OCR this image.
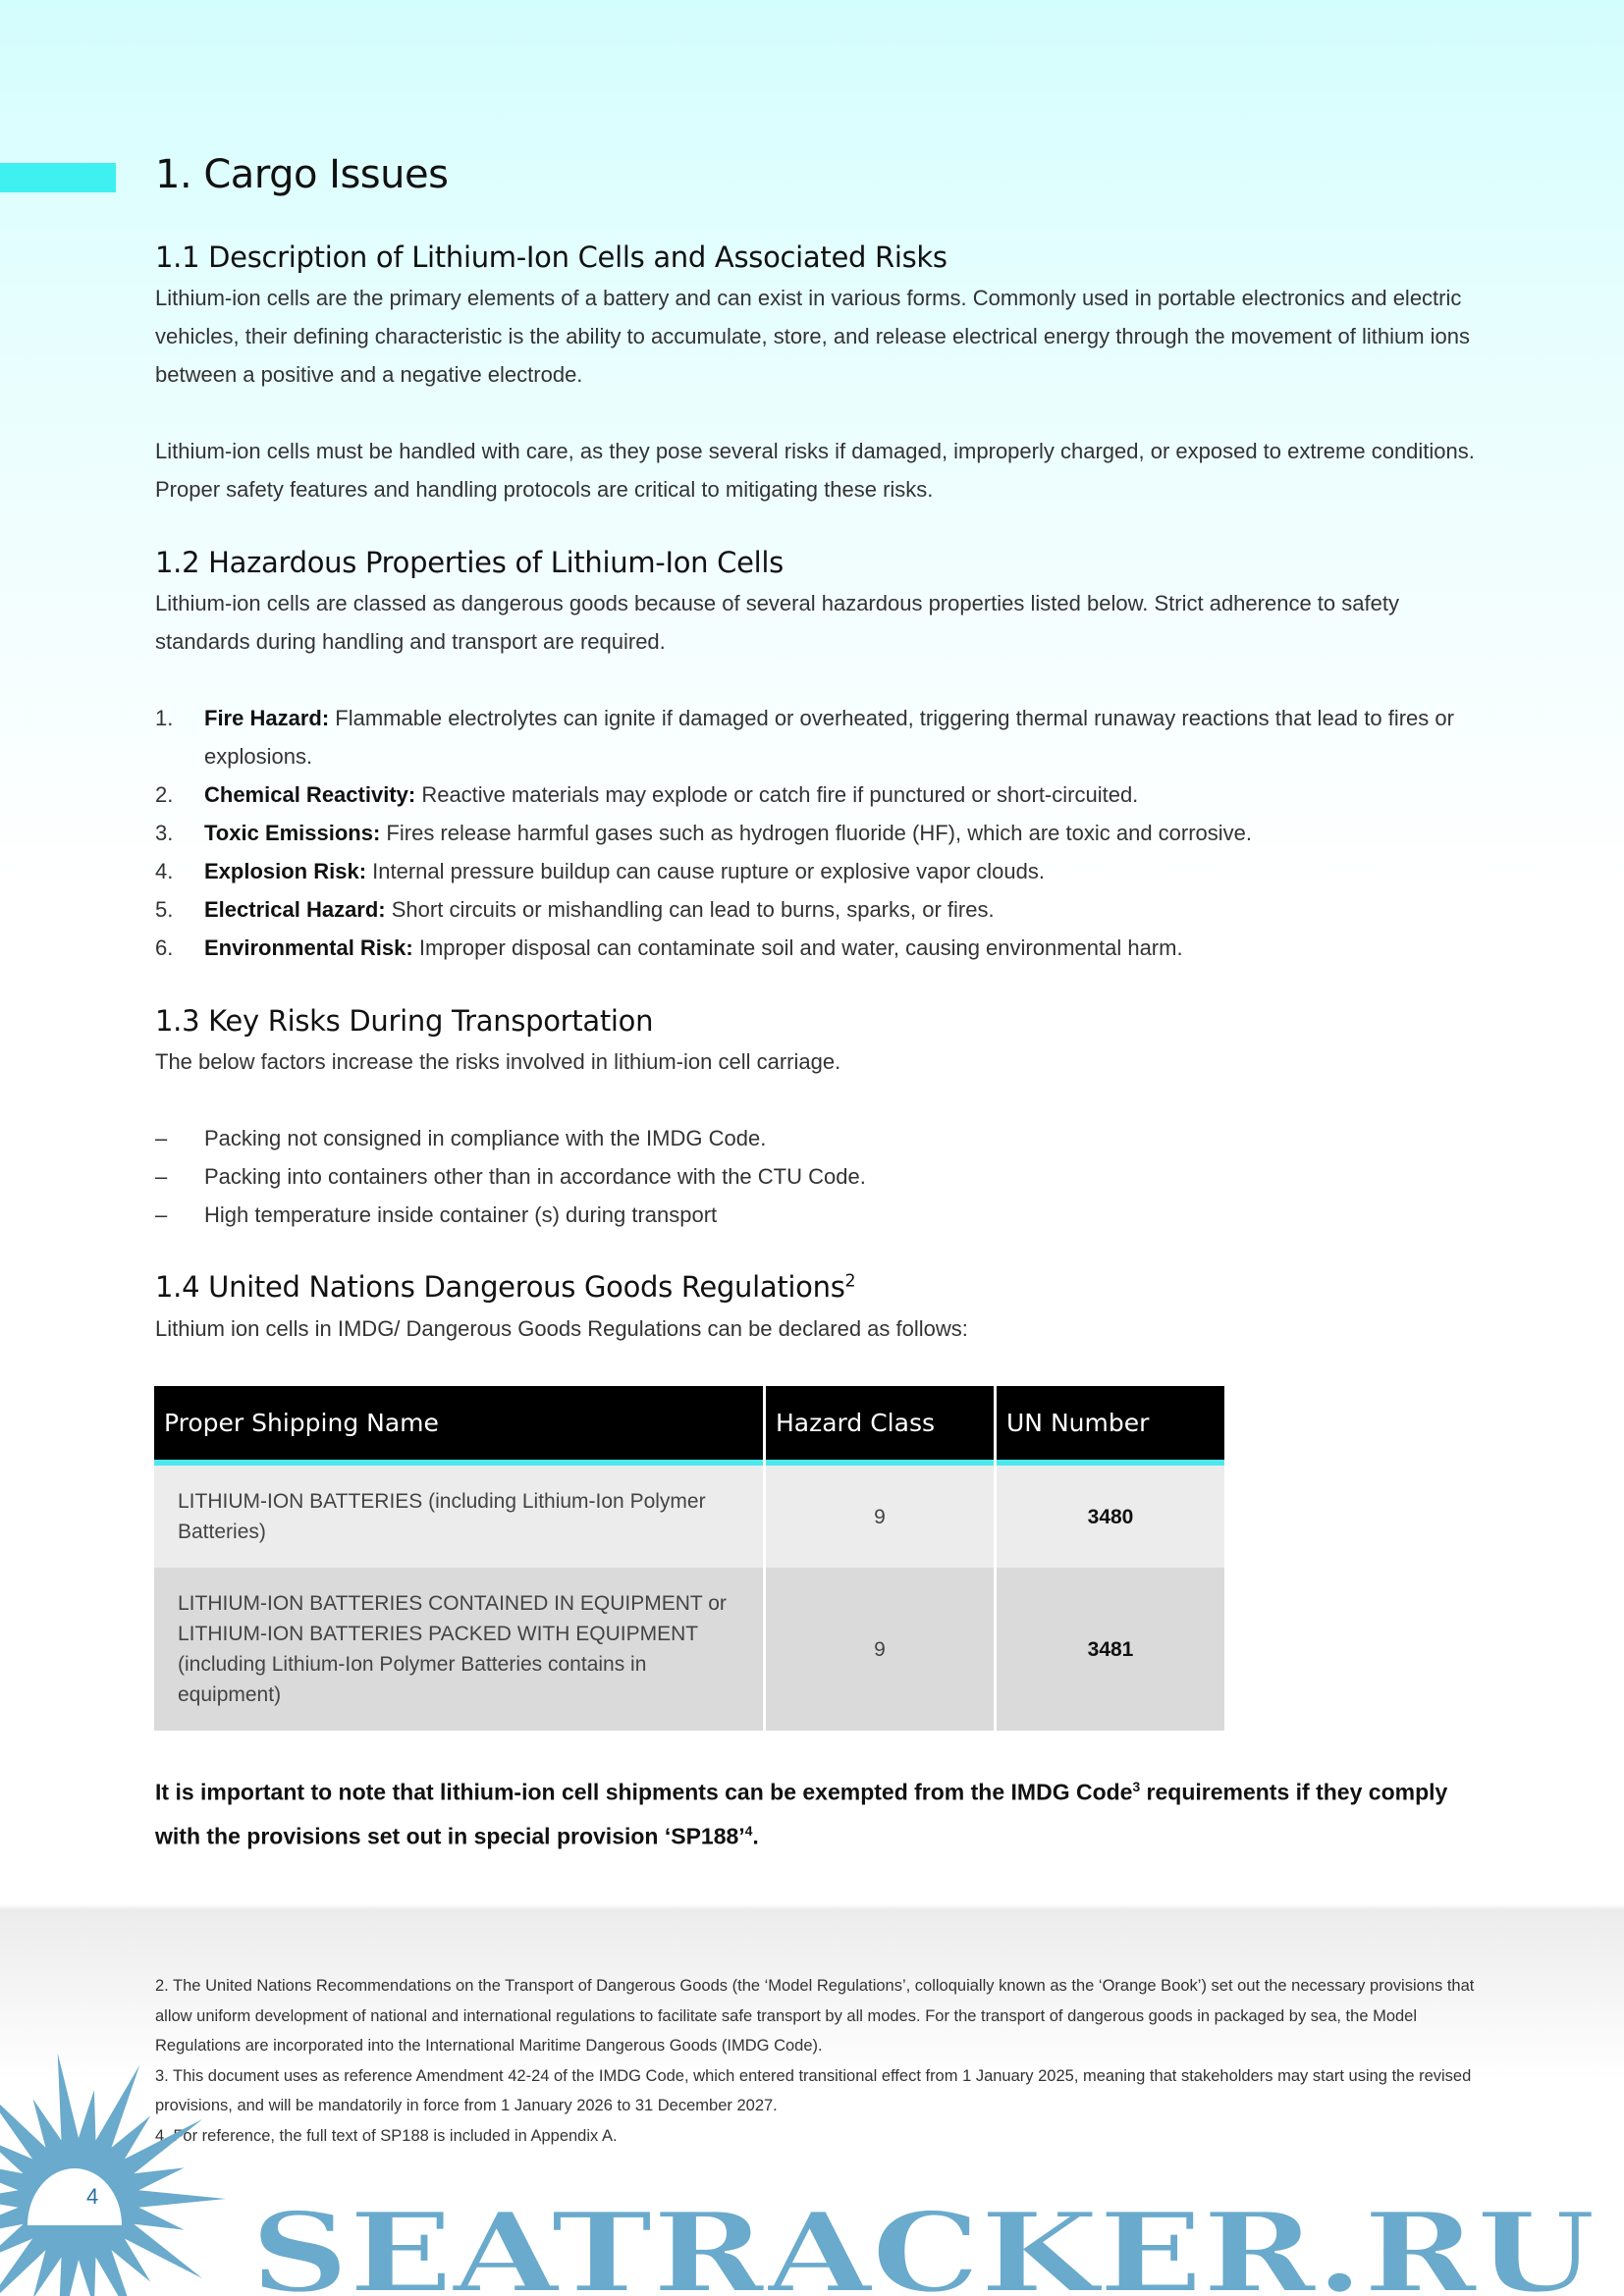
1. Cargo Issues
1.1 Description of Lithium-Ion Cells and Associated Risks
Lithium-ion cells are the primary elements of a battery and can exist in various forms. Commonly used in portable electronics and electric vehicles, their defining characteristic is the ability to accumulate, store, and release electrical energy through the movement of lithium ions between a positive and a negative electrode.
Lithium-ion cells must be handled with care, as they pose several risks if damaged, improperly charged, or exposed to extreme conditions. Proper safety features and handling protocols are critical to mitigating these risks.
1.2 Hazardous Properties of Lithium-Ion Cells
Lithium-ion cells are classed as dangerous goods because of several hazardous properties listed below. Strict adherence to safety standards during handling and transport are required.
1.	Fire Hazard: Flammable electrolytes can ignite if damaged or overheated, triggering thermal runaway reactions that lead to fires or explosions.
2.	Chemical Reactivity: Reactive materials may explode or catch fire if punctured or short-circuited.
3.	Toxic Emissions: Fires release harmful gases such as hydrogen fluoride (HF), which are toxic and corrosive.
4.	Explosion Risk: Internal pressure buildup can cause rupture or explosive vapor clouds.
5.	Electrical Hazard: Short circuits or mishandling can lead to burns, sparks, or fires.
6.	Environmental Risk: Improper disposal can contaminate soil and water, causing environmental harm.
1.3 Key Risks During Transportation
The below factors increase the risks involved in lithium-ion cell carriage.
–	Packing not consigned in compliance with the IMDG Code.
–	Packing into containers other than in accordance with the CTU Code.
–	High temperature inside container (s) during transport
1.4 United Nations Dangerous Goods Regulations$^2$
Lithium ion cells in IMDG/ Dangerous Goods Regulations can be declared as follows:
Proper Shipping Name	Hazard Class	UN Number
LITHIUM-ION BATTERIES (including Lithium-Ion Polymer Batteries)	9	3480
LITHIUM-ION BATTERIES CONTAINED IN EQUIPMENT or LITHIUM-ION BATTERIES PACKED WITH EQUIPMENT (including Lithium-Ion Polymer Batteries contains in equipment)	9	3481
It is important to note that lithium-ion cell shipments can be exempted from the IMDG Code$^3$ requirements if they comply with the provisions set out in special provision ‘SP188’$^4$.
2. The United Nations Recommendations on the Transport of Dangerous Goods (the ‘Model Regulations’, colloquially known as the ‘Orange Book’) set out the necessary provisions that allow uniform development of national and international regulations to facilitate safe transport by all modes. For the transport of dangerous goods in packaged by sea, the Model Regulations are incorporated into the International Maritime Dangerous Goods (IMDG Code).
3. This document uses as reference Amendment 42-24 of the IMDG Code, which entered transitional effect from 1 January 2025, meaning that stakeholders may start using the revised provisions, and will be mandatorily in force from 1 January 2026 to 31 December 2027.
4. For reference, the full text of SP188 is included in Appendix A.
SEATRACKER.RU
4
